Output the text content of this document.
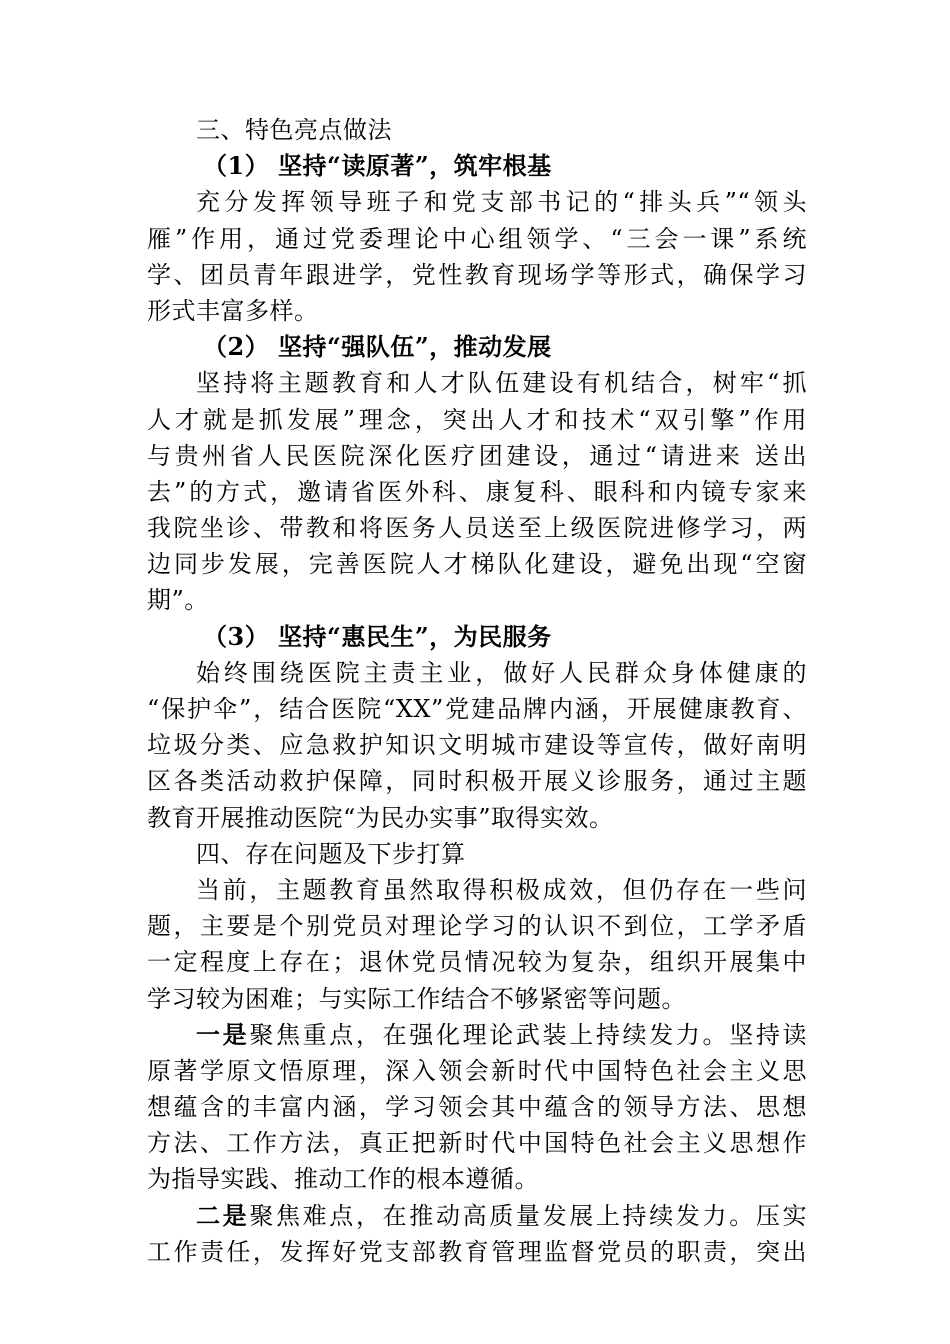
三、特色亮点做法
（1） 坚持“读原著”，筑牢根基
充分发挥领导班子和党支部书记的“排头兵”“领头
雁”作用，通过党委理论中心组领学、“三会一课”系统
学、团员青年跟进学，党性教育现场学等形式，确保学习
形式丰富多样。
（2） 坚持“强队伍”，推动发展
坚持将主题教育和人才队伍建设有机结合，树牢“抓
人才就是抓发展”理念，突出人才和技术“双引擎”作用
与贵州省人民医院深化医疗团建设，通过“请进来 送出
去”的方式，邀请省医外科、康复科、眼科和内镜专家来
我院坐诊、带教和将医务人员送至上级医院进修学习，两
边同步发展，完善医院人才梯队化建设，避免出现“空窗
期”。
（3） 坚持“惠民生”，为民服务
始终围绕医院主责主业，做好人民群众身体健康的
“保护伞”，结合医院“XX”党建品牌内涵，开展健康教育、
垃圾分类、应急救护知识文明城市建设等宣传，做好南明
区各类活动救护保障，同时积极开展义诊服务，通过主题
教育开展推动医院“为民办实事”取得实效。
四、存在问题及下步打算
当前，主题教育虽然取得积极成效，但仍存在一些问
题，主要是个别党员对理论学习的认识不到位，工学矛盾
一定程度上存在；退休党员情况较为复杂，组织开展集中
学习较为困难；与实际工作结合不够紧密等问题。
一是聚焦重点，在强化理论武装上持续发力。坚持读
原著学原文悟原理，深入领会新时代中国特色社会主义思
想蕴含的丰富内涵，学习领会其中蕴含的领导方法、思想
方法、工作方法，真正把新时代中国特色社会主义思想作
为指导实践、推动工作的根本遵循。
二是聚焦难点，在推动高质量发展上持续发力。压实
工作责任，发挥好党支部教育管理监督党员的职责，突出
